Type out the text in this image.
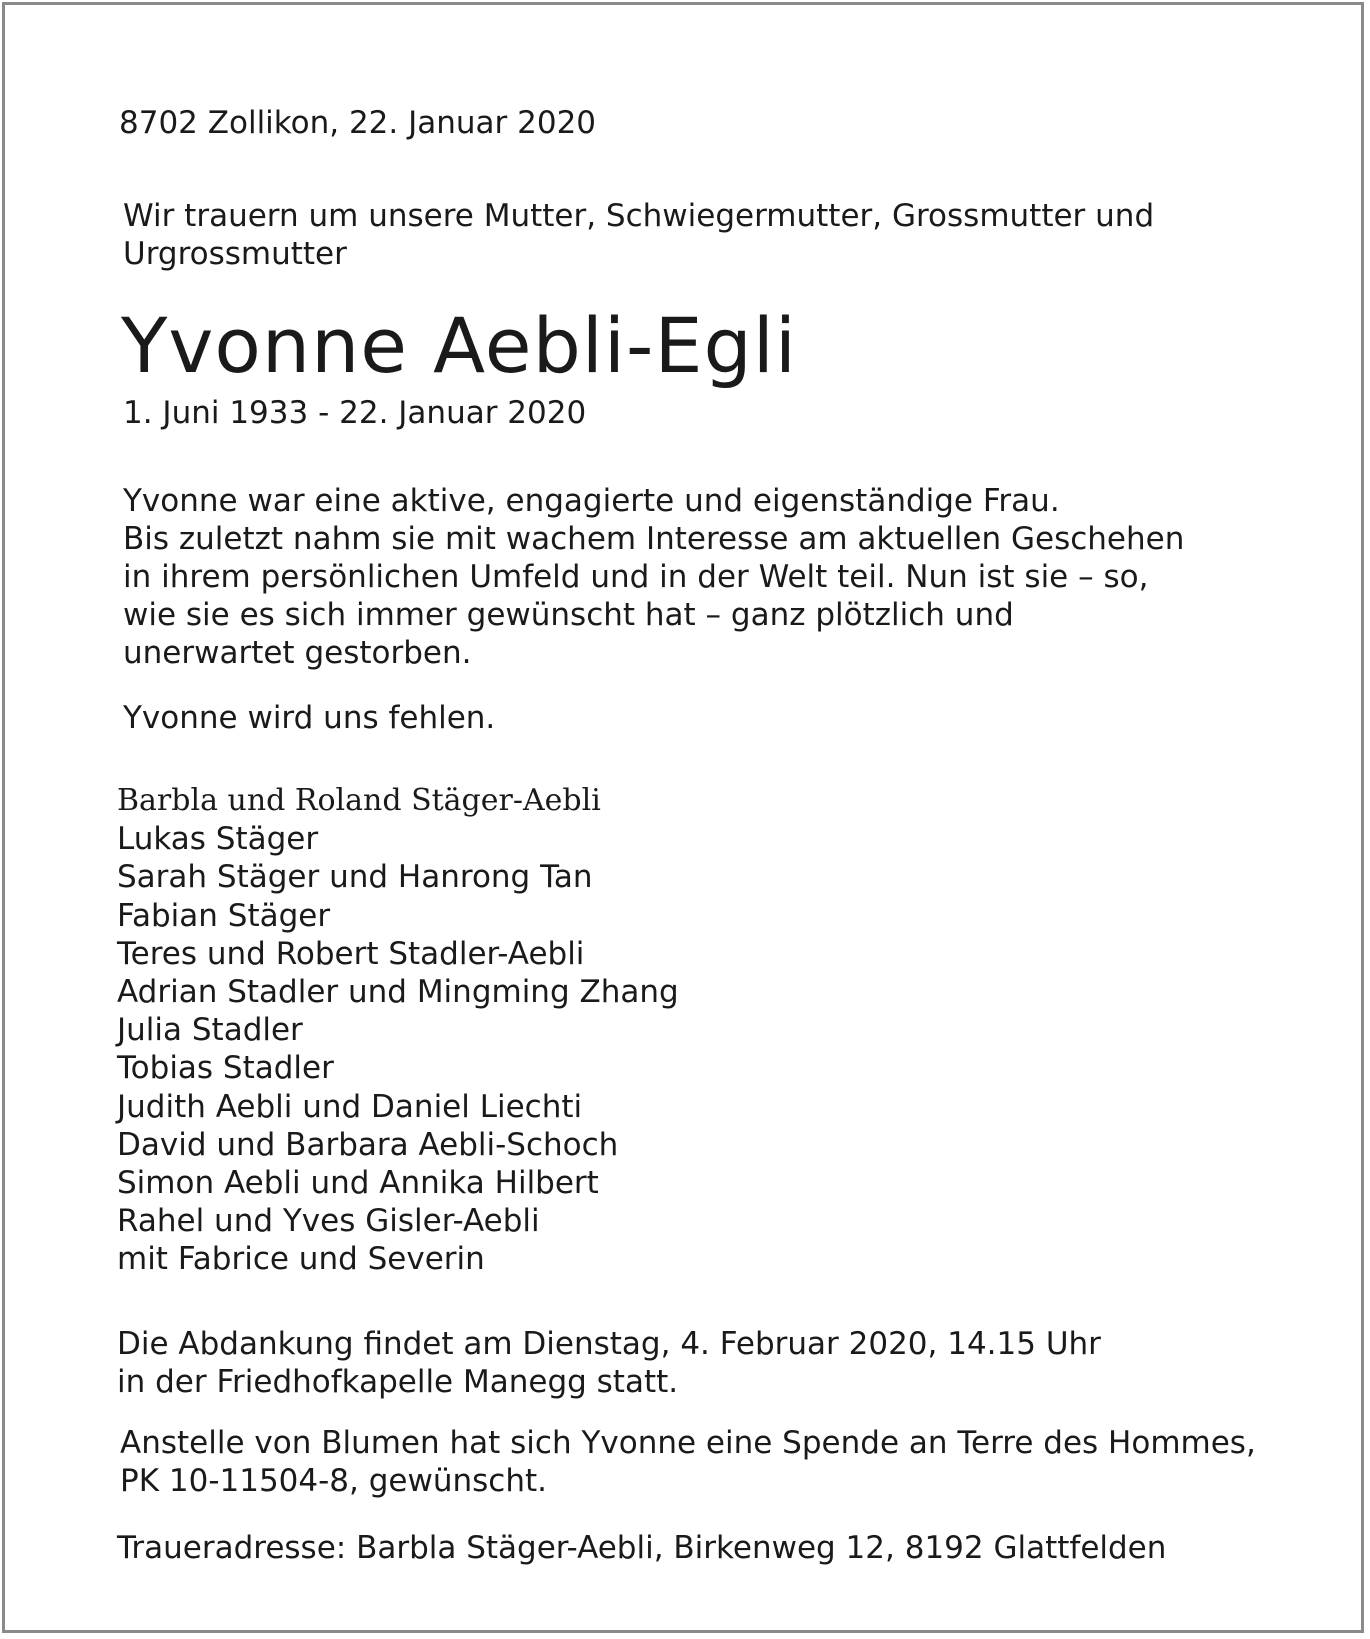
8702 Zollikon, 22. Januar 2020

Wir trauern um unsere Mutter, Schwiegermutter, Grossmutter und
Urgrossmutter

Yvonne Aebli-Egli

1. Juni 1933 - 22. Januar 2020

Yvonne war eine aktive, engagierte und eigenständige Frau.
Bis zuletzt nahm sie mit wachem Interesse am aktuellen Geschehen
in ihrem persönlichen Umfeld und in der Welt teil. Nun ist sie – so,
wie sie es sich immer gewünscht hat – ganz plötzlich und
unerwartet gestorben.

Yvonne wird uns fehlen.

Barbla und Roland Stäger-Aebli
Lukas Stäger
Sarah Stäger und Hanrong Tan
Fabian Stäger
Teres und Robert Stadler-Aebli
Adrian Stadler und Mingming Zhang
Julia Stadler
Tobias Stadler
Judith Aebli und Daniel Liechti
David und Barbara Aebli-Schoch
Simon Aebli und Annika Hilbert
Rahel und Yves Gisler-Aebli
mit Fabrice und Severin

Die Abdankung findet am Dienstag, 4. Februar 2020, 14.15 Uhr
in der Friedhofkapelle Manegg statt.

Anstelle von Blumen hat sich Yvonne eine Spende an Terre des Hommes,
PK 10-11504-8, gewünscht.

Traueradresse: Barbla Stäger-Aebli, Birkenweg 12, 8192 Glattfelden
